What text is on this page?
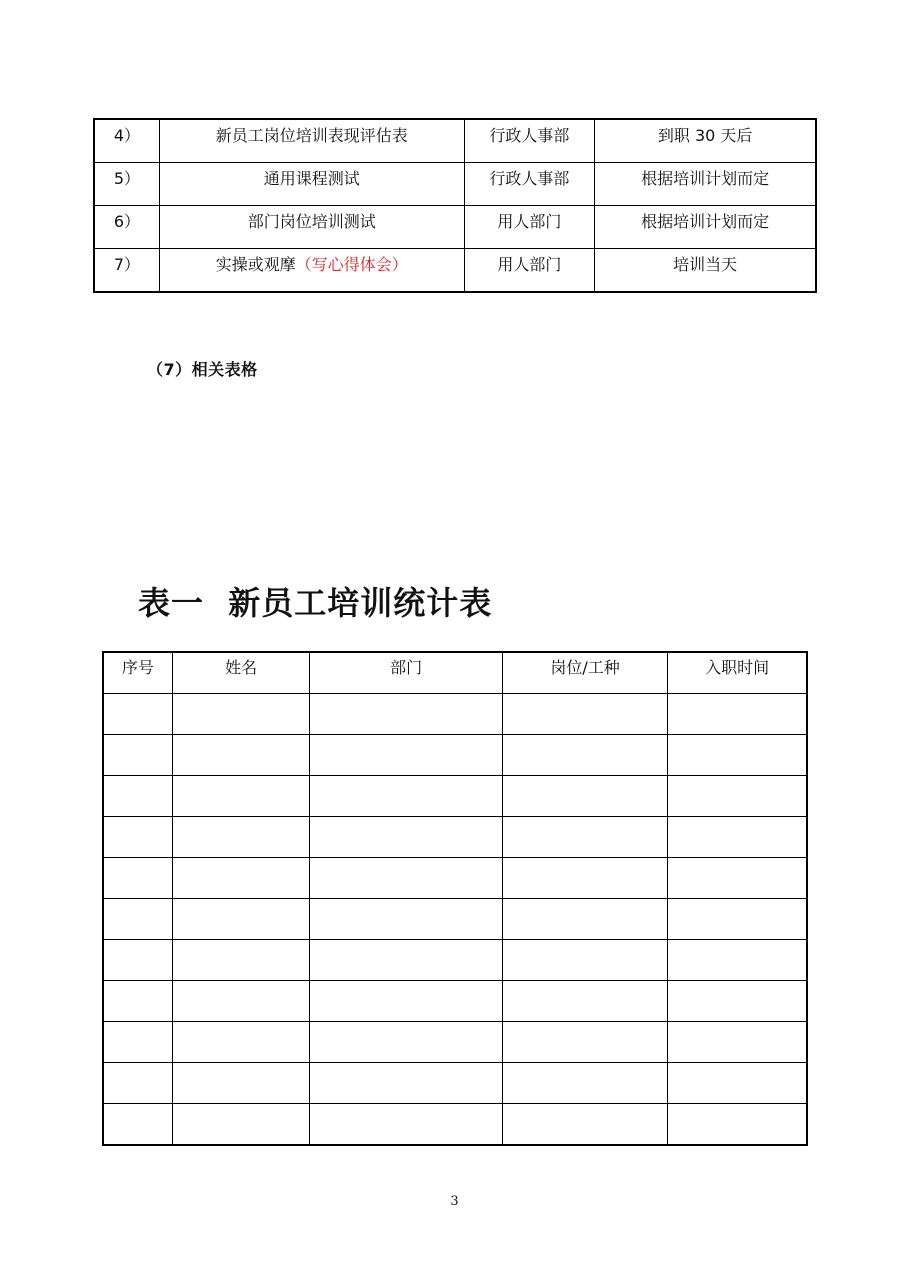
4）	新员工岗位培训表现评估表	行政人事部	到职 30 天后
5）	通用课程测试	行政人事部	根据培训计划而定
6）	部门岗位培训测试	用人部门	根据培训计划而定
7）	实操或观摩（写心得体会）	用人部门	培训当天
（7）相关表格
表一  新员工培训统计表
序号	姓名	部门	岗位/工种	入职时间

3
